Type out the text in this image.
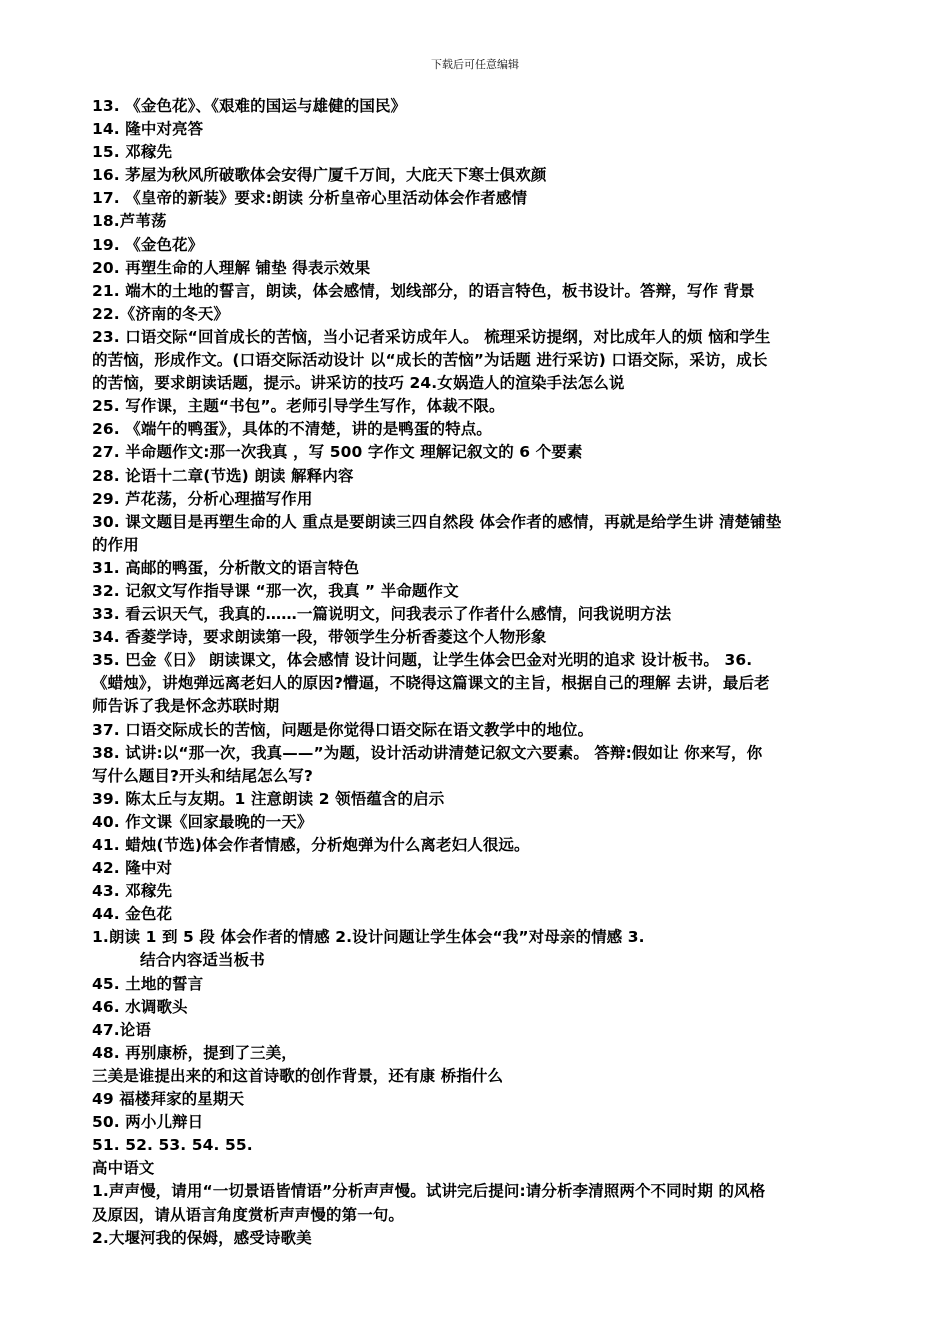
下载后可任意编辑
13. 《金色花》、《艰难的国运与雄健的国民》
14. 隆中对亮答
15. 邓稼先
16. 茅屋为秋风所破歌体会安得广厦千万间，大庇天下寒士俱欢颜
17. 《皇帝的新装》要求:朗读 分析皇帝心里活动体会作者感情
18.芦苇荡
19. 《金色花》
20. 再塑生命的人理解 铺垫 得表示效果
21. 端木的土地的誓言，朗读，体会感情，划线部分，的语言特色，板书设计。答辩，写作 背景
22.《济南的冬天》
23. 口语交际“回首成长的苦恼，当小记者采访成年人。 梳理采访提纲，对比成年人的烦 恼和学生
的苦恼，形成作文。(口语交际活动设计 以“成长的苦恼”为话题 进行采访) 口语交际，采访，成长
的苦恼，要求朗读话题，提示。讲采访的技巧 24.女娲造人的渲染手法怎么说
25. 写作课，主题“书包”。老师引导学生写作，体裁不限。
26. 《端午的鸭蛋》，具体的不清楚，讲的是鸭蛋的特点。
27. 半命题作文:那一次我真 ，写 500 字作文 理解记叙文的 6 个要素
28. 论语十二章(节选) 朗读 解释内容
29. 芦花荡，分析心理描写作用
30. 课文题目是再塑生命的人 重点是要朗读三四自然段 体会作者的感情，再就是给学生讲 清楚铺垫
的作用
31. 高邮的鸭蛋，分析散文的语言特色
32. 记叙文写作指导课 “那一次，我真 ” 半命题作文
33. 看云识天气，我真的……一篇说明文，问我表示了作者什么感情，问我说明方法
34. 香菱学诗，要求朗读第一段，带领学生分析香菱这个人物形象
35. 巴金《日》 朗读课文，体会感情 设计问题，让学生体会巴金对光明的追求 设计板书。 36.
《蜡烛》，讲炮弹远离老妇人的原因?懵逼，不晓得这篇课文的主旨，根据自己的理解 去讲，最后老
师告诉了我是怀念苏联时期
37. 口语交际成长的苦恼，问题是你觉得口语交际在语文教学中的地位。
38. 试讲:以“那一次，我真——”为题，设计活动讲清楚记叙文六要素。 答辩:假如让 你来写，你
写什么题目?开头和结尾怎么写?
39. 陈太丘与友期。1 注意朗读 2 领悟蕴含的启示
40. 作文课《回家最晚的一天》
41. 蜡烛(节选)体会作者情感，分析炮弹为什么离老妇人很远。
42. 隆中对
43. 邓稼先
44. 金色花
1.朗读 1 到 5 段 体会作者的情感 2.设计问题让学生体会“我”对母亲的情感 3.
结合内容适当板书
45. 土地的誓言
46. 水调歌头
47.论语
48. 再别康桥，提到了三美，
三美是谁提出来的和这首诗歌的创作背景，还有康 桥指什么
49 福楼拜家的星期天
50. 两小儿辩日
51. 52. 53. 54. 55.
高中语文
1.声声慢，请用“一切景语皆情语”分析声声慢。试讲完后提问:请分析李清照两个不同时期 的风格
及原因，请从语言角度赏析声声慢的第一句。
2.大堰河我的保姆，感受诗歌美
